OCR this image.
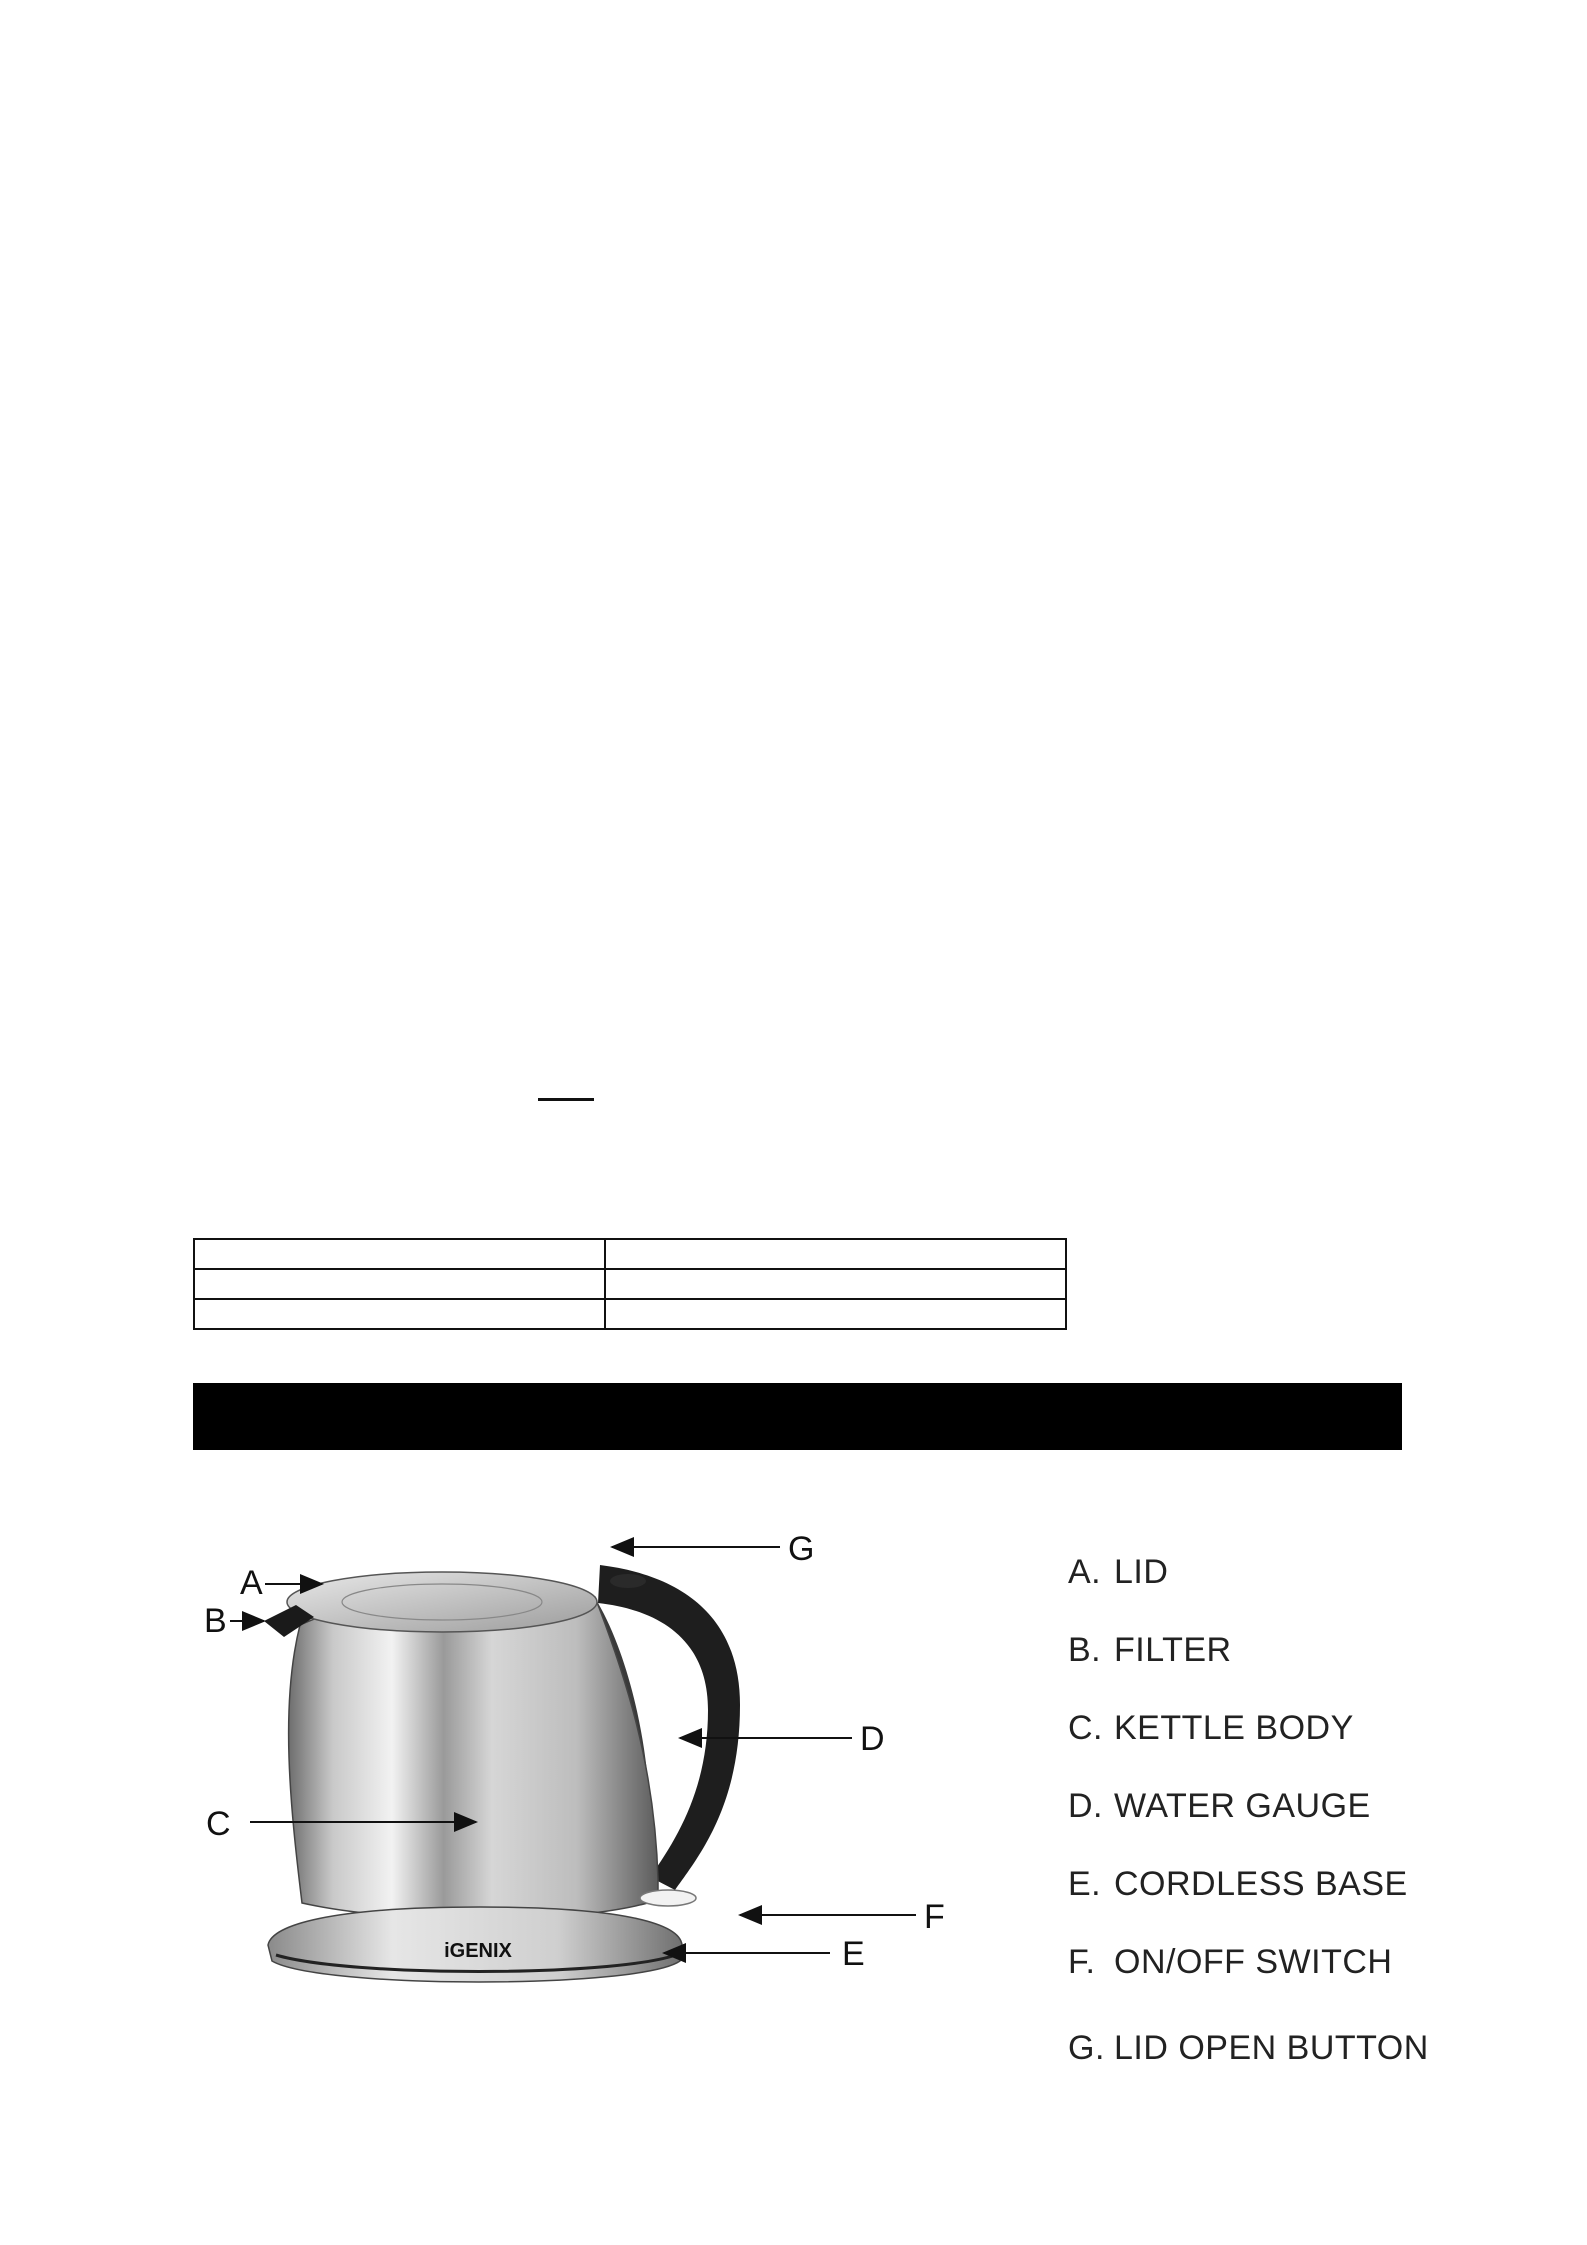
iGENIX
A
B
C
D
E
F
G
A. LID
B. FILTER
C. KETTLE BODY
D. WATER GAUGE
E. CORDLESS BASE
F. ON/OFF SWITCH
G. LID OPEN BUTTON
